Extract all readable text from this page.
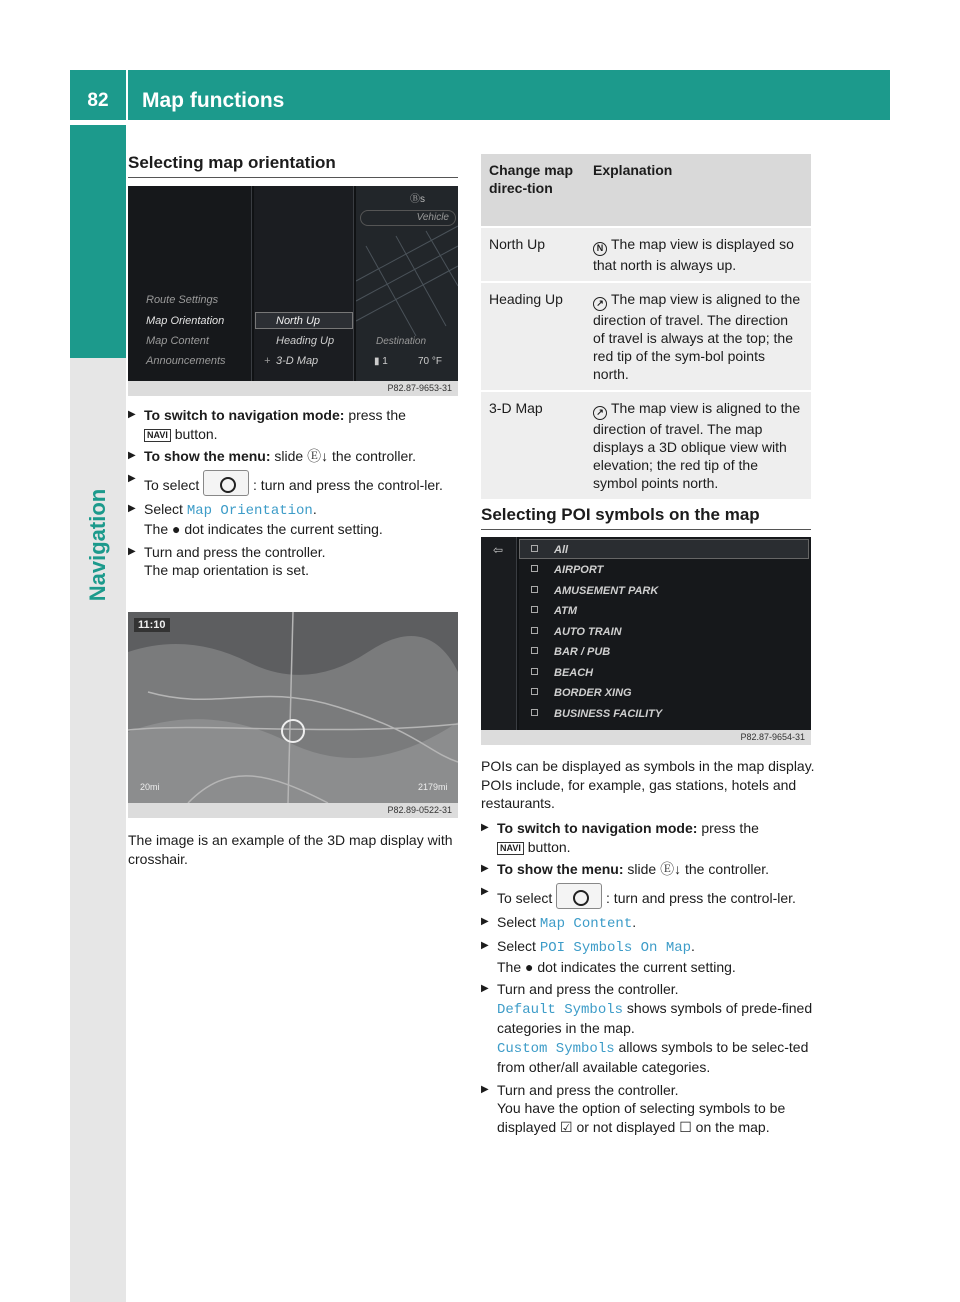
82	Map functions
Navigation
Selecting map orientation
Ⓑs
Vehicle
Destination
▮ 1	70 °F
Route Settings
Map Orientation
Map Content
Announcements
North Up
Heading Up
+ 3-D Map
P82.87-9653-31
▶ To switch to navigation mode: press the
NAVI button.
▶ To show the menu: slide Ⓔ↓ the controller.
▶ To select	: turn and press the control-ler.
▶ Select Map Orientation.
The ● dot indicates the current setting.
▶ Turn and press the controller.
The map orientation is set.
11:10
20mi	2179mi
P82.89-0522-31
The image is an example of the 3D map display with crosshair.
Change map direc-tion
Explanation
North Up	N The map view is displayed so that north is always up.
Heading Up	↗ The map view is aligned to the direction of travel. The direction of travel is always at the top; the red tip of the sym-bol points north.
3-D Map	↗ The map view is aligned to the direction of travel. The map displays a 3D oblique view with elevation; the red tip of the symbol points north.
Selecting POI symbols on the map
⇦	All
AIRPORT
AMUSEMENT PARK
ATM
AUTO TRAIN
BAR / PUB
BEACH
BORDER XING
BUSINESS FACILITY
P82.87-9654-31
POIs can be displayed as symbols in the map display. POIs include, for example, gas stations, hotels and restaurants.
▶ To switch to navigation mode: press the
NAVI button.
▶ To show the menu: slide Ⓔ↓ the controller.
▶ To select	: turn and press the control-ler.
▶ Select Map Content.
▶ Select POI Symbols On Map.
The ● dot indicates the current setting.
▶ Turn and press the controller.
Default Symbols shows symbols of prede-fined categories in the map.
Custom Symbols allows symbols to be selec-ted from other/all available categories.
▶ Turn and press the controller.
You have the option of selecting symbols to be displayed ☑ or not displayed ☐ on the map.
